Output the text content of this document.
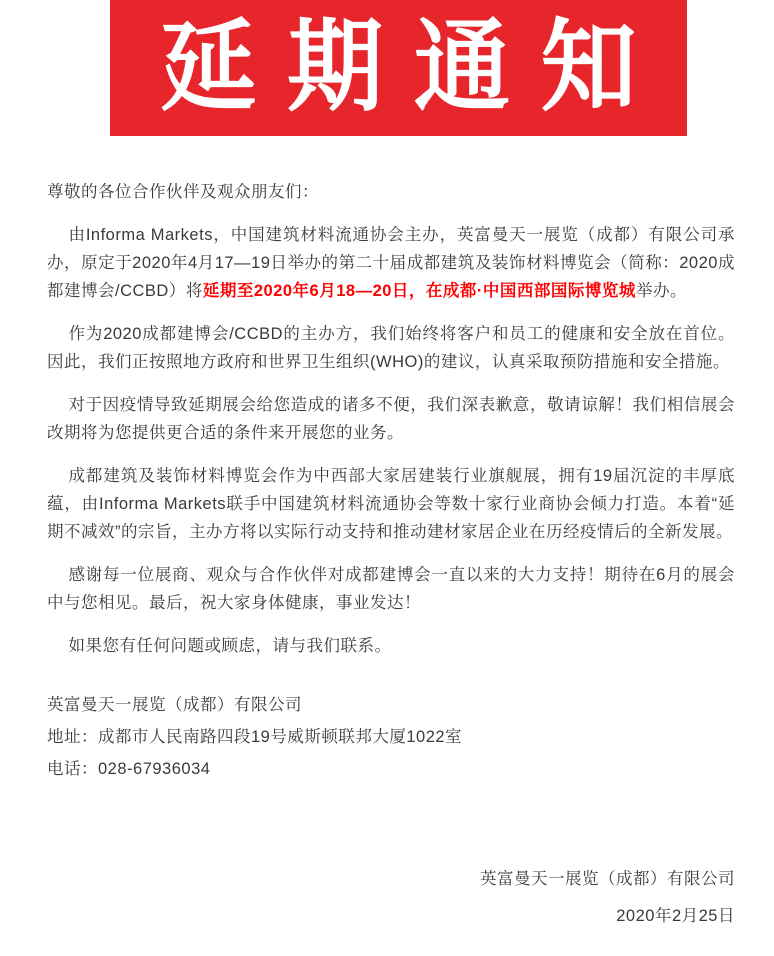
延期通知

尊敬的各位合作伙伴及观众朋友们：

由Informa Markets，中国建筑材料流通协会主办，英富曼天一展览（成都）有限公司承办，原定于2020年4月17—19日举办的第二十届成都建筑及装饰材料博览会（简称：2020成都建博会/CCBD）将延期至2020年6月18—20日，在成都·中国西部国际博览城举办。

作为2020成都建博会/CCBD的主办方，我们始终将客户和员工的健康和安全放在首位。因此，我们正按照地方政府和世界卫生组织(WHO)的建议，认真采取预防措施和安全措施。

对于因疫情导致延期展会给您造成的诸多不便，我们深表歉意，敬请谅解！我们相信展会改期将为您提供更合适的条件来开展您的业务。

成都建筑及装饰材料博览会作为中西部大家居建装行业旗舰展，拥有19届沉淀的丰厚底蕴，由Informa Markets联手中国建筑材料流通协会等数十家行业商协会倾力打造。本着“延期不减效”的宗旨，主办方将以实际行动支持和推动建材家居企业在历经疫情后的全新发展。

感谢每一位展商、观众与合作伙伴对成都建博会一直以来的大力支持！期待在6月的展会中与您相见。最后，祝大家身体健康，事业发达！

如果您有任何问题或顾虑，请与我们联系。

英富曼天一展览（成都）有限公司

地址：成都市人民南路四段19号威斯顿联邦大厦1022室

电话：028-67936034

英富曼天一展览（成都）有限公司

2020年2月25日
